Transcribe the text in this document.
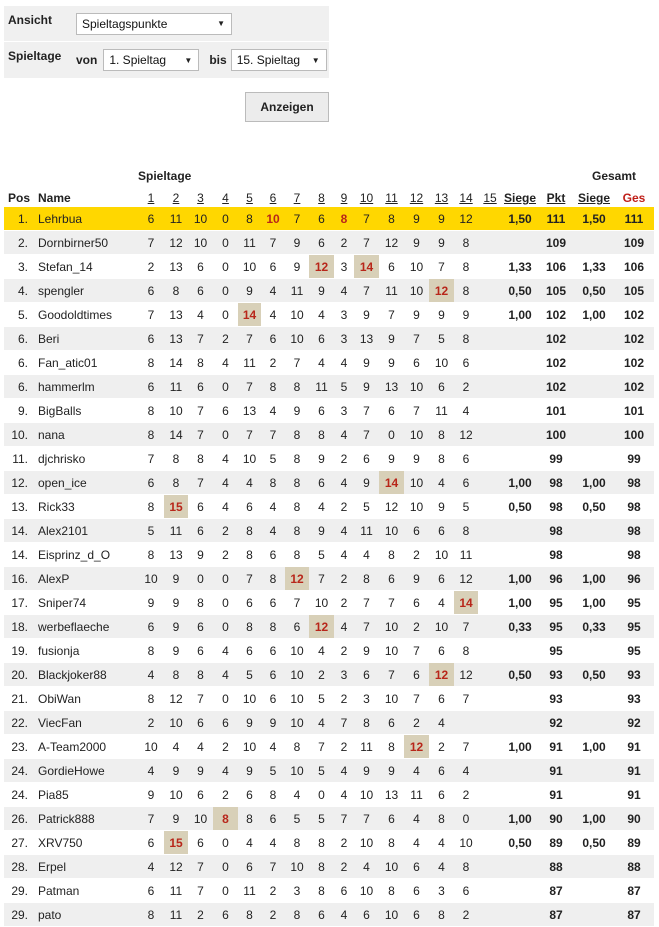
Ansicht	Spieltagspunkte	▼
Spieltage	von 1. Spieltag ▼ bis 15. Spieltag ▼
Anzeigen
		Spieltage																	Gesamt	
Pos	Name	1	2	3	4	5	6	7	8	9	10	11	12	13	14	15	Siege	Pkt	Siege	Ges
1.	Lehrbua	6	11	10	0	8	10	7	6	8	7	8	9	9	12		1,50	111	1,50	111
2.	Dornbirner50	7	12	10	0	11	7	9	6	2	7	12	9	9	8			109		109
3.	Stefan_14	2	13	6	0	10	6	9	12	3	14	6	10	7	8		1,33	106	1,33	106
4.	spengler	6	8	6	0	9	4	11	9	4	7	11	10	12	8		0,50	105	0,50	105
5.	Goodoldtimes	7	13	4	0	14	4	10	4	3	9	7	9	9	9		1,00	102	1,00	102
6.	Beri	6	13	7	2	7	6	10	6	3	13	9	7	5	8			102		102
6.	Fan_atic01	8	14	8	4	11	2	7	4	4	9	9	6	10	6			102		102
6.	hammerlm	6	11	6	0	7	8	8	11	5	9	13	10	6	2			102		102
9.	BigBalls	8	10	7	6	13	4	9	6	3	7	6	7	11	4			101		101
10.	nana	8	14	7	0	7	7	8	8	4	7	0	10	8	12			100		100
11.	djchrisko	7	8	8	4	10	5	8	9	2	6	9	9	8	6			99		99
12.	open_ice	6	8	7	4	4	8	8	6	4	9	14	10	4	6		1,00	98	1,00	98
13.	Rick33	8	15	6	4	6	4	8	4	2	5	12	10	9	5		0,50	98	0,50	98
14.	Alex2101	5	11	6	2	8	4	8	9	4	11	10	6	6	8			98		98
14.	Eisprinz_d_O	8	13	9	2	8	6	8	5	4	4	8	2	10	11			98		98
16.	AlexP	10	9	0	0	7	8	12	7	2	8	6	9	6	12		1,00	96	1,00	96
17.	Sniper74	9	9	8	0	6	6	7	10	2	7	7	6	4	14		1,00	95	1,00	95
18.	werbeflaeche	6	9	6	0	8	8	6	12	4	7	10	2	10	7		0,33	95	0,33	95
19.	fusionja	8	9	6	4	6	6	10	4	2	9	10	7	6	8			95		95
20.	Blackjoker88	4	8	8	4	5	6	10	2	3	6	7	6	12	12		0,50	93	0,50	93
21.	ObiWan	8	12	7	0	10	6	10	5	2	3	10	7	6	7			93		93
22.	ViecFan	2	10	6	6	9	9	10	4	7	8	6	2	4				92		92
23.	A-Team2000	10	4	4	2	10	4	8	7	2	11	8	12	2	7		1,00	91	1,00	91
24.	GordieHowe	4	9	9	4	9	5	10	5	4	9	9	4	6	4			91		91
24.	Pia85	9	10	6	2	6	8	4	0	4	10	13	11	6	2			91		91
26.	Patrick888	7	9	10	8	8	6	5	5	7	7	6	4	8	0		1,00	90	1,00	90
27.	XRV750	6	15	6	0	4	4	8	8	2	10	8	4	4	10		0,50	89	0,50	89
28.	Erpel	4	12	7	0	6	7	10	8	2	4	10	6	4	8			88		88
29.	Patman	6	11	7	0	11	2	3	8	6	10	8	6	3	6			87		87
29.	pato	8	11	2	6	8	2	8	6	4	6	10	6	8	2			87		87
